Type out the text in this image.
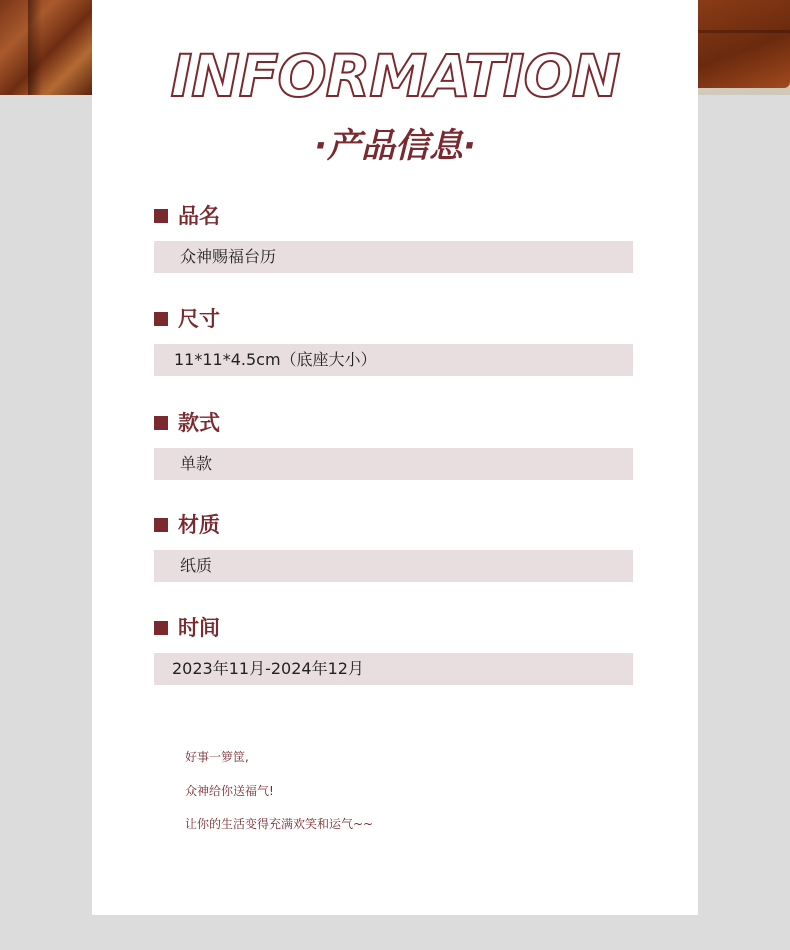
INFORMATION
·产品信息·
品名
众神赐福台历
尺寸
11*11*4.5cm（底座大小）
款式
单款
材质
纸质
时间
2023年11月-2024年12月
好事一箩筐,
众神给你送福气!
让你的生活变得充满欢笑和运气~~
